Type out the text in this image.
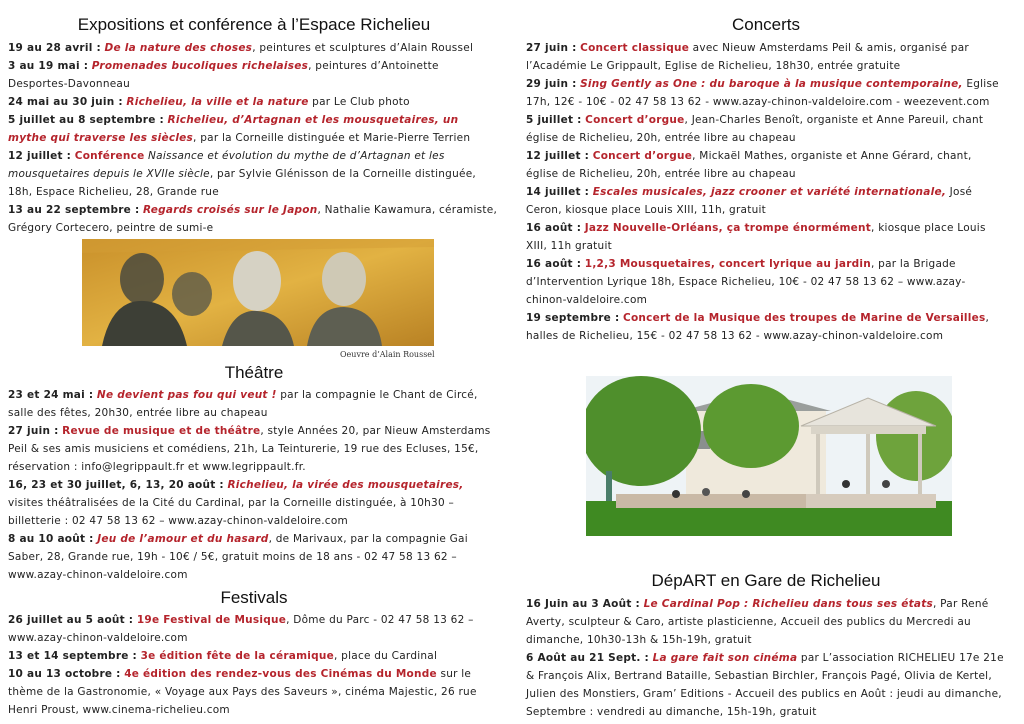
Expositions et conférence à l’Espace Richelieu

19 au 28 avril : De la nature des choses, peintures et sculptures d’Alain Roussel

3 au 19 mai : Promenades bucoliques richelaises, peintures d’Antoinette Desportes-Davonneau

24 mai au 30 juin : Richelieu, la ville et la nature par Le Club photo

5 juillet au 8 septembre : Richelieu, d’Artagnan et les mousquetaires, un mythe qui traverse les siècles, par la Corneille distinguée et Marie-Pierre Terrien

12 juillet : Conférence Naissance et évolution du mythe de d’Artagnan et les mousquetaires depuis le XVIIe siècle, par Sylvie Glénisson de la Corneille distinguée, 18h, Espace Richelieu, 28, Grande rue

13 au 22 septembre : Regards croisés sur le Japon, Nathalie Kawamura, céramiste, Grégory Cortecero, peintre de sumi-e

Oeuvre d’Alain Roussel
Théâtre

23 et 24 mai : Ne devient pas fou qui veut ! par la compagnie le Chant de Circé, salle des fêtes, 20h30, entrée libre au chapeau

27 juin : Revue de musique et de théâtre, style Années 20, par Nieuw Amsterdams Peil & ses amis musiciens et comédiens, 21h, La Teinturerie, 19 rue des Ecluses, 15€, réservation : info@legrippault.fr et www.legrippault.fr.

16, 23 et 30 juillet, 6, 13, 20 août : Richelieu, la virée des mousquetaires, visites théâtralisées de la Cité du Cardinal, par la Corneille distinguée, à 10h30 – billetterie : 02 47 58 13 62 – www.azay-chinon-valdeloire.com

8 au 10 août : Jeu de l’amour et du hasard, de Marivaux, par la compagnie Gai Saber, 28, Grande rue, 19h - 10€ / 5€, gratuit moins de 18 ans - 02 47 58 13 62 – www.azay-chinon-valdeloire.com

Festivals

26 juillet au 5 août : 19e Festival de Musique, Dôme du Parc - 02 47 58 13 62 – www.azay-chinon-valdeloire.com

13 et 14 septembre : 3e édition fête de la céramique, place du Cardinal

10 au 13 octobre : 4e édition des rendez-vous des Cinémas du Monde sur le thème de la Gastronomie, « Voyage aux Pays des Saveurs », cinéma Majestic, 26 rue Henri Proust, www.cinema-richelieu.com

Concerts

27 juin : Concert classique avec Nieuw Amsterdams Peil & amis, organisé par l’Académie Le Grippault, Eglise de Richelieu, 18h30, entrée gratuite

29 juin : Sing Gently as One : du baroque à la musique contemporaine, Eglise 17h, 12€ - 10€ - 02 47 58 13 62 - www.azay-chinon-valdeloire.com - weezevent.com

5 juillet : Concert d’orgue, Jean-Charles Benoît, organiste et Anne Pareuil, chant église de Richelieu, 20h, entrée libre au chapeau

12 juillet : Concert d’orgue, Mickaël Mathes, organiste et Anne Gérard, chant, église de Richelieu, 20h, entrée libre au chapeau

14 juillet : Escales musicales, jazz crooner et variété internationale, José Ceron, kiosque place Louis XIII, 11h, gratuit

16 août : Jazz Nouvelle-Orléans, ça trompe énormément, kiosque place Louis XIII, 11h gratuit

16 août : 1,2,3 Mousquetaires, concert lyrique au jardin, par la Brigade d’Intervention Lyrique 18h, Espace Richelieu, 10€ - 02 47 58 13 62 – www.azay-chinon-valdeloire.com

19 septembre : Concert de la Musique des troupes de Marine de Versailles, halles de Richelieu, 15€ - 02 47 58 13 62 - www.azay-chinon-valdeloire.com

DépART en Gare de Richelieu

16 Juin au 3 Août : Le Cardinal Pop : Richelieu dans tous ses états, Par René Averty, sculpteur & Caro, artiste plasticienne, Accueil des publics du Mercredi au dimanche, 10h30-13h & 15h-19h, gratuit

6 Août au 21 Sept. : La gare fait son cinéma par L’association RICHELIEU 17e 21e & François Alix, Bertrand Bataille, Sebastian Birchler, François Pagé, Olivia de Kertel, Julien des Monstiers, Gram’ Editions - Accueil des publics en Août : jeudi au dimanche, Septembre : vendredi au dimanche, 15h-19h, gratuit
